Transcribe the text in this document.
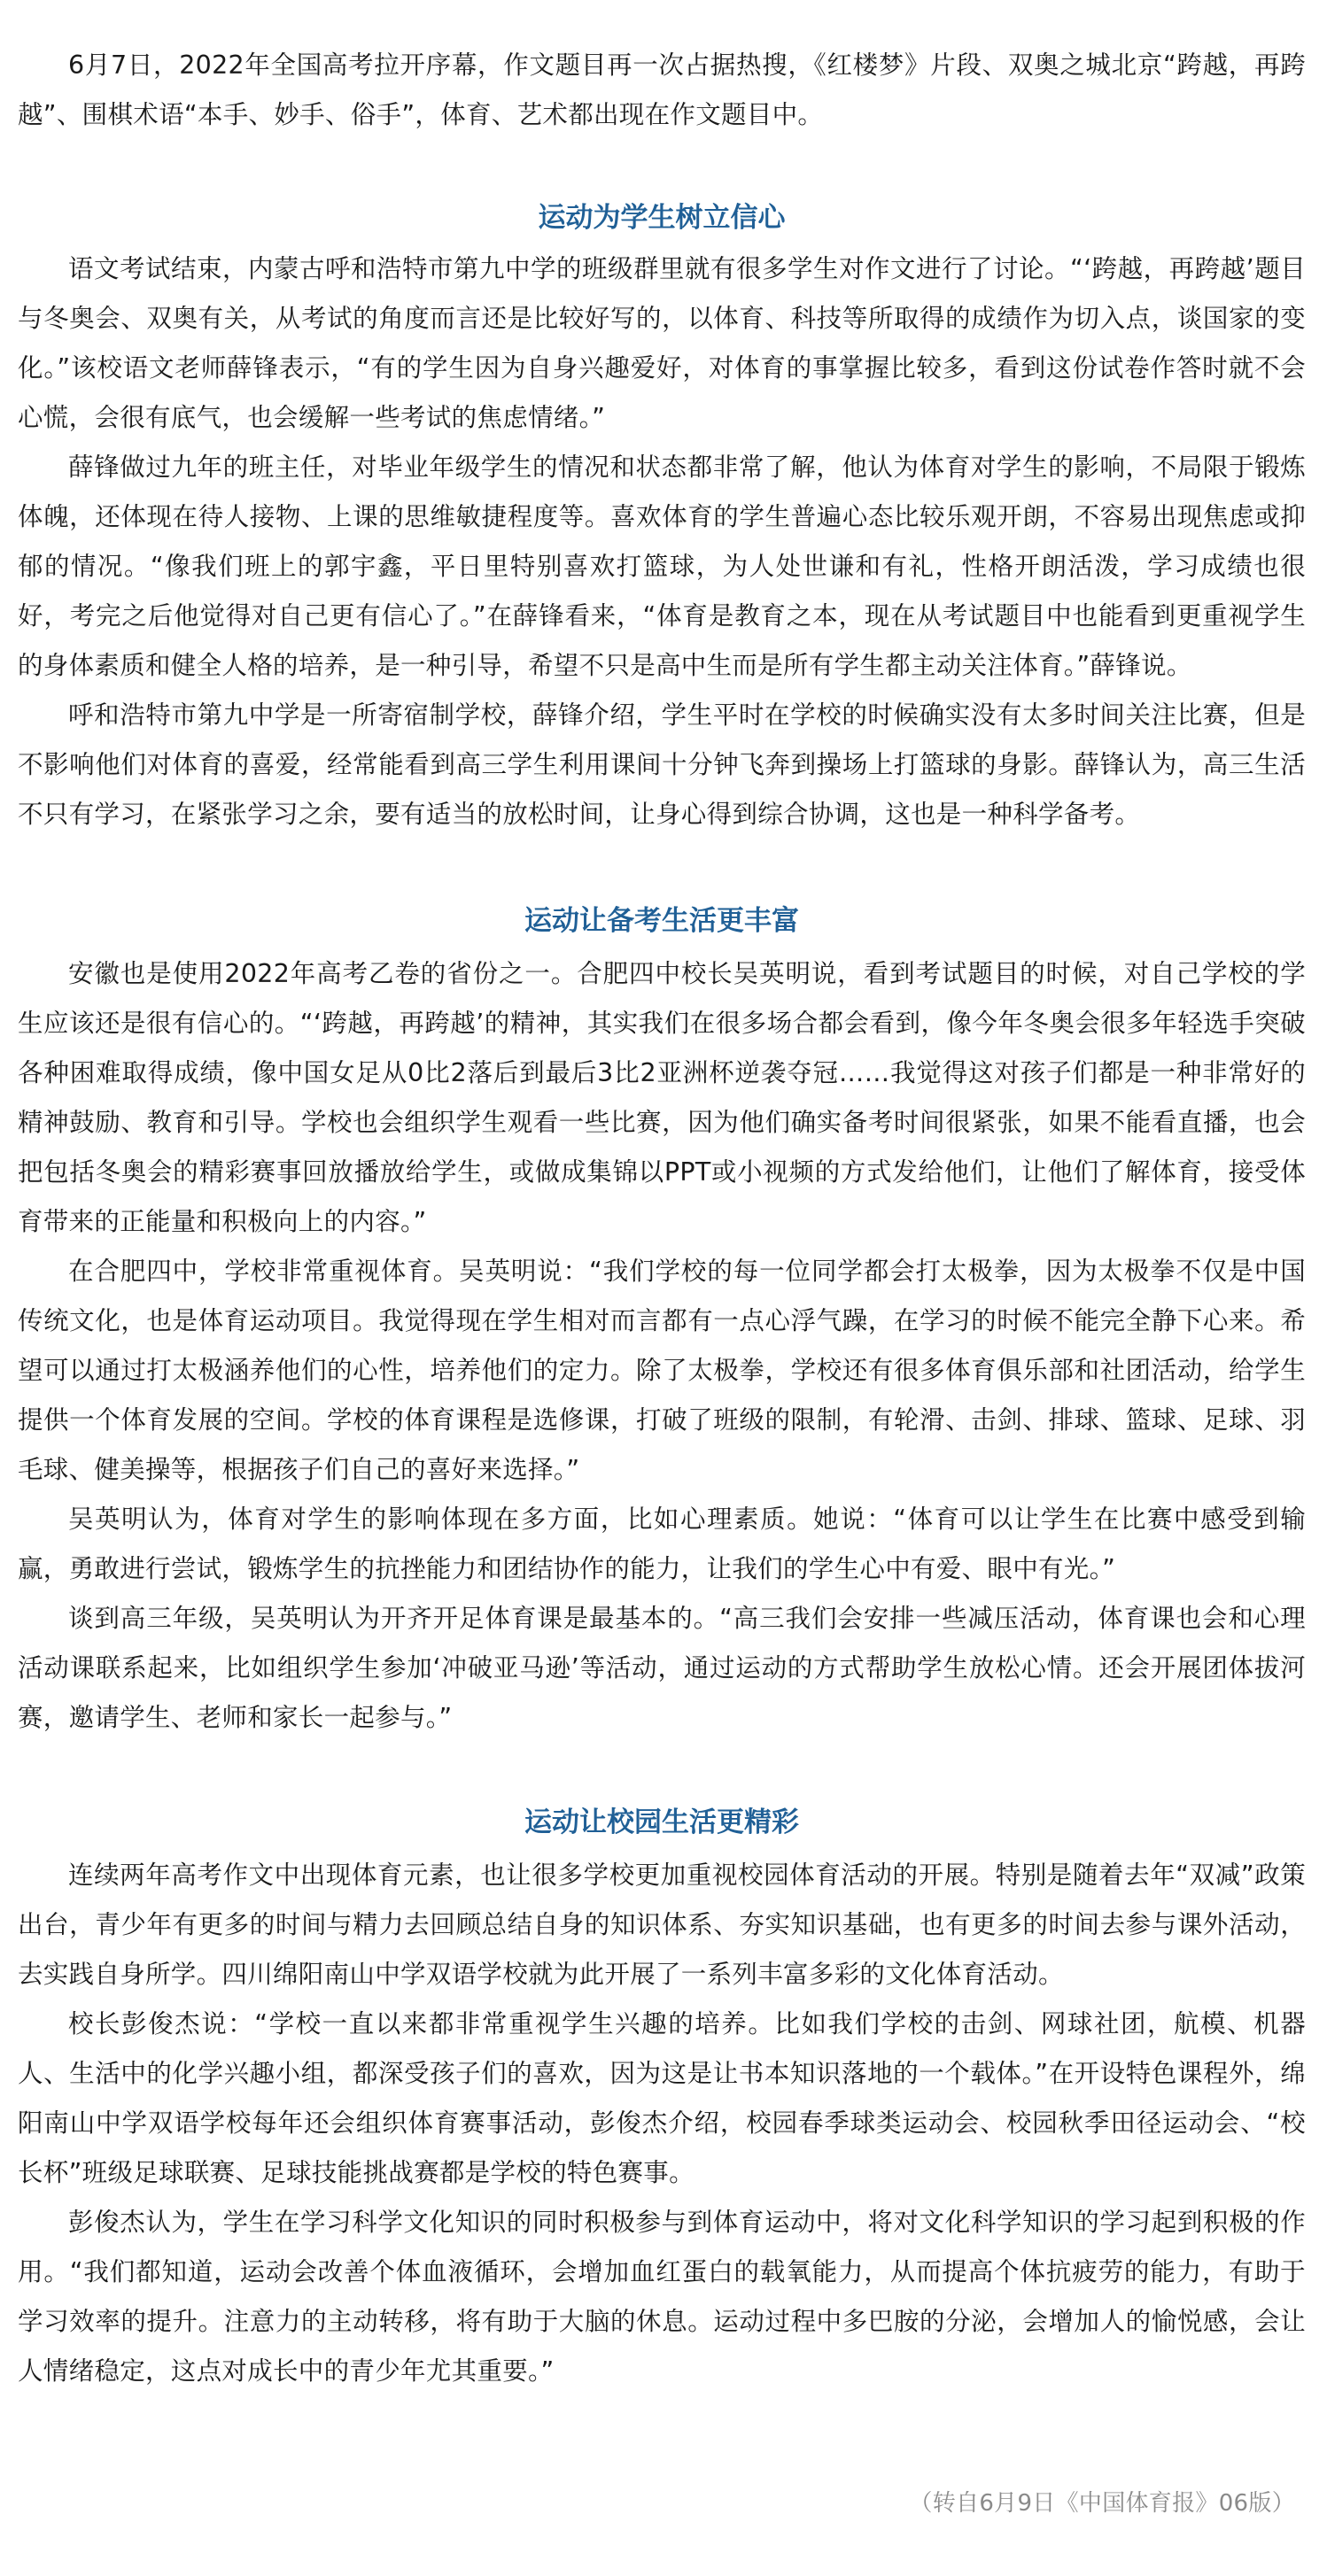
6月7日，2022年全国高考拉开序幕，作文题目再一次占据热搜，《红楼梦》片段、双奥之城北京“跨越，再跨越”、围棋术语“本手、妙手、俗手”，体育、艺术都出现在作文题目中。

运动为学生树立信心

语文考试结束，内蒙古呼和浩特市第九中学的班级群里就有很多学生对作文进行了讨论。“‘跨越，再跨越’题目与冬奥会、双奥有关，从考试的角度而言还是比较好写的，以体育、科技等所取得的成绩作为切入点，谈国家的变化。”该校语文老师薛锋表示，“有的学生因为自身兴趣爱好，对体育的事掌握比较多，看到这份试卷作答时就不会心慌，会很有底气，也会缓解一些考试的焦虑情绪。”

薛锋做过九年的班主任，对毕业年级学生的情况和状态都非常了解，他认为体育对学生的影响，不局限于锻炼体魄，还体现在待人接物、上课的思维敏捷程度等。喜欢体育的学生普遍心态比较乐观开朗，不容易出现焦虑或抑郁的情况。“像我们班上的郭宇鑫，平日里特别喜欢打篮球，为人处世谦和有礼，性格开朗活泼，学习成绩也很好，考完之后他觉得对自己更有信心了。”在薛锋看来，“体育是教育之本，现在从考试题目中也能看到更重视学生的身体素质和健全人格的培养，是一种引导，希望不只是高中生而是所有学生都主动关注体育。”薛锋说。

呼和浩特市第九中学是一所寄宿制学校，薛锋介绍，学生平时在学校的时候确实没有太多时间关注比赛，但是不影响他们对体育的喜爱，经常能看到高三学生利用课间十分钟飞奔到操场上打篮球的身影。薛锋认为，高三生活不只有学习，在紧张学习之余，要有适当的放松时间，让身心得到综合协调，这也是一种科学备考。

运动让备考生活更丰富

安徽也是使用2022年高考乙卷的省份之一。合肥四中校长吴英明说，看到考试题目的时候，对自己学校的学生应该还是很有信心的。“‘跨越，再跨越’的精神，其实我们在很多场合都会看到，像今年冬奥会很多年轻选手突破各种困难取得成绩，像中国女足从0比2落后到最后3比2亚洲杯逆袭夺冠……我觉得这对孩子们都是一种非常好的精神鼓励、教育和引导。学校也会组织学生观看一些比赛，因为他们确实备考时间很紧张，如果不能看直播，也会把包括冬奥会的精彩赛事回放播放给学生，或做成集锦以PPT或小视频的方式发给他们，让他们了解体育，接受体育带来的正能量和积极向上的内容。”

在合肥四中，学校非常重视体育。吴英明说：“我们学校的每一位同学都会打太极拳，因为太极拳不仅是中国传统文化，也是体育运动项目。我觉得现在学生相对而言都有一点心浮气躁，在学习的时候不能完全静下心来。希望可以通过打太极涵养他们的心性，培养他们的定力。除了太极拳，学校还有很多体育俱乐部和社团活动，给学生提供一个体育发展的空间。学校的体育课程是选修课，打破了班级的限制，有轮滑、击剑、排球、篮球、足球、羽毛球、健美操等，根据孩子们自己的喜好来选择。”

吴英明认为，体育对学生的影响体现在多方面，比如心理素质。她说：“体育可以让学生在比赛中感受到输赢，勇敢进行尝试，锻炼学生的抗挫能力和团结协作的能力，让我们的学生心中有爱、眼中有光。”

谈到高三年级，吴英明认为开齐开足体育课是最基本的。“高三我们会安排一些减压活动，体育课也会和心理活动课联系起来，比如组织学生参加‘冲破亚马逊’等活动，通过运动的方式帮助学生放松心情。还会开展团体拔河赛，邀请学生、老师和家长一起参与。”

运动让校园生活更精彩

连续两年高考作文中出现体育元素，也让很多学校更加重视校园体育活动的开展。特别是随着去年“双减”政策出台，青少年有更多的时间与精力去回顾总结自身的知识体系、夯实知识基础，也有更多的时间去参与课外活动，去实践自身所学。四川绵阳南山中学双语学校就为此开展了一系列丰富多彩的文化体育活动。

校长彭俊杰说：“学校一直以来都非常重视学生兴趣的培养。比如我们学校的击剑、网球社团，航模、机器人、生活中的化学兴趣小组，都深受孩子们的喜欢，因为这是让书本知识落地的一个载体。”在开设特色课程外，绵阳南山中学双语学校每年还会组织体育赛事活动，彭俊杰介绍，校园春季球类运动会、校园秋季田径运动会、“校长杯”班级足球联赛、足球技能挑战赛都是学校的特色赛事。

彭俊杰认为，学生在学习科学文化知识的同时积极参与到体育运动中，将对文化科学知识的学习起到积极的作用。“我们都知道，运动会改善个体血液循环，会增加血红蛋白的载氧能力，从而提高个体抗疲劳的能力，有助于学习效率的提升。注意力的主动转移，将有助于大脑的休息。运动过程中多巴胺的分泌，会增加人的愉悦感，会让人情绪稳定，这点对成长中的青少年尤其重要。”

（转自6月9日《中国体育报》06版）
